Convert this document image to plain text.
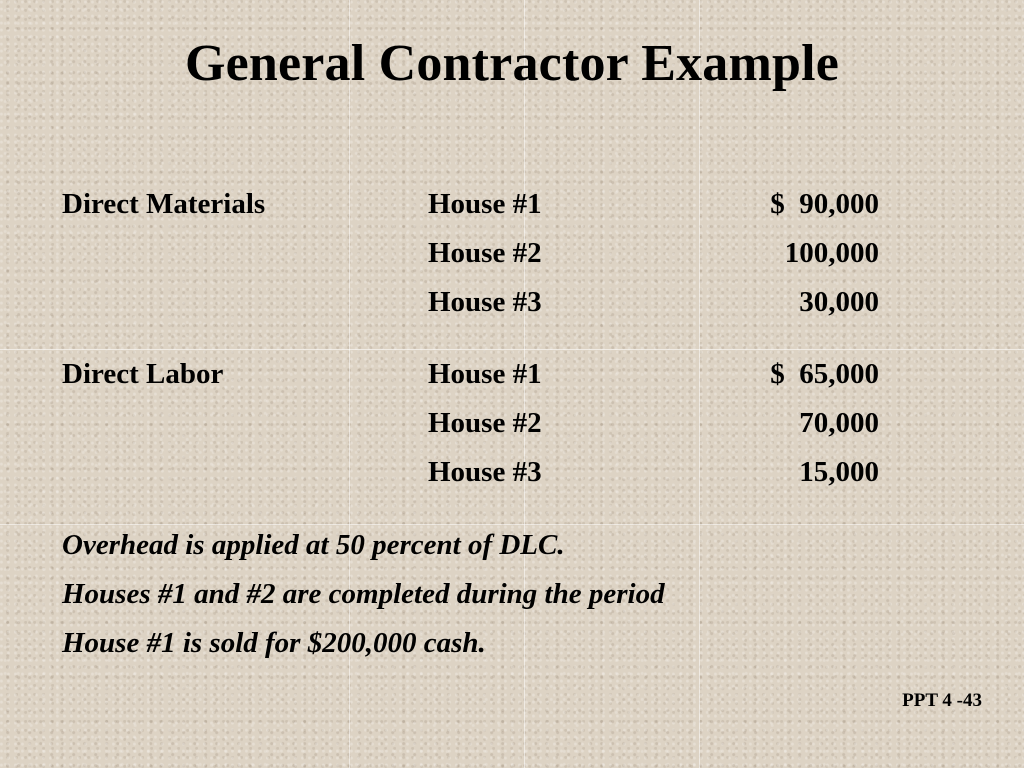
General Contractor Example
Direct Materials	House #1	$  90,000
House #2	100,000
House #3	30,000
Direct Labor	House #1	$  65,000
House #2	70,000
House #3	15,000
Overhead is applied at 50 percent of DLC.
Houses #1 and #2 are completed during the period
House #1 is sold for $200,000 cash.
PPT 4 -43
